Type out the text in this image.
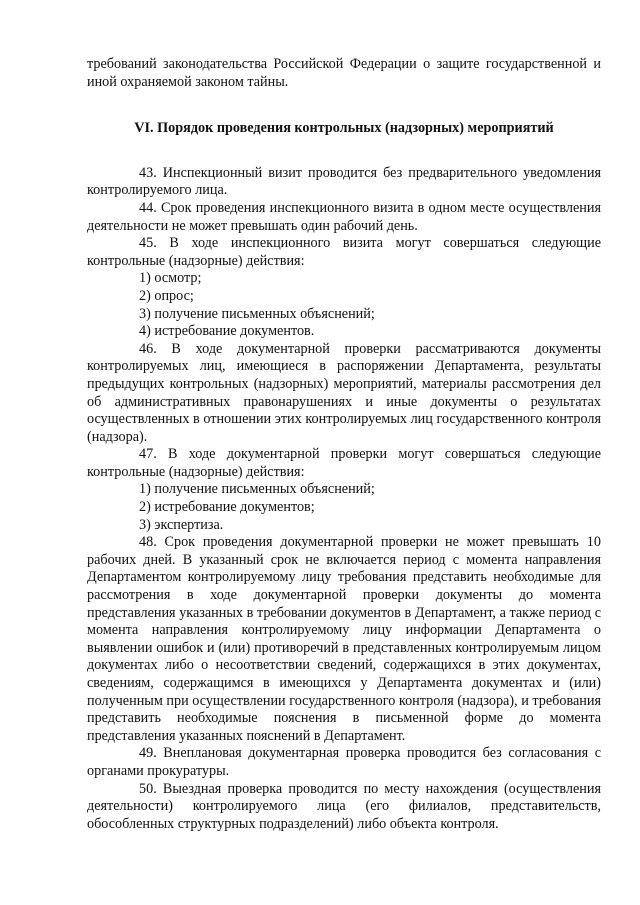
требований законодательства Российской Федерации о защите государственной и иной охраняемой законом тайны.

VI. Порядок проведения контрольных (надзорных) мероприятий

43. Инспекционный визит проводится без предварительного уведомления контролируемого лица.

44. Срок проведения инспекционного визита в одном месте осуществления деятельности не может превышать один рабочий день.

45. В ходе инспекционного визита могут совершаться следующие контрольные (надзорные) действия:

1) осмотр;

2) опрос;

3) получение письменных объяснений;

4) истребование документов.

46. В ходе документарной проверки рассматриваются документы контролируемых лиц, имеющиеся в распоряжении Департамента, результаты предыдущих контрольных (надзорных) мероприятий, материалы рассмотрения дел об административных правонарушениях и иные документы о результатах осуществленных в отношении этих контролируемых лиц государственного контроля (надзора).

47. В ходе документарной проверки могут совершаться следующие контрольные (надзорные) действия:

1) получение письменных объяснений;

2) истребование документов;

3) экспертиза.

48. Срок проведения документарной проверки не может превышать 10 рабочих дней. В указанный срок не включается период с момента направления Департаментом контролируемому лицу требования представить необходимые для рассмотрения в ходе документарной проверки документы до момента представления указанных в требовании документов в Департамент, а также период с момента направления контролируемому лицу информации Департамента о выявлении ошибок и (или) противоречий в представленных контролируемым лицом документах либо о несоответствии сведений, содержащихся в этих документах, сведениям, содержащимся в имеющихся у Департамента документах и (или) полученным при осуществлении государственного контроля (надзора), и требования представить необходимые пояснения в письменной форме до момента представления указанных пояснений в Департамент.

49. Внеплановая документарная проверка проводится без согласования с органами прокуратуры.

50. Выездная проверка проводится по месту нахождения (осуществления деятельности) контролируемого лица (его филиалов, представительств, обособленных структурных подразделений) либо объекта контроля.
